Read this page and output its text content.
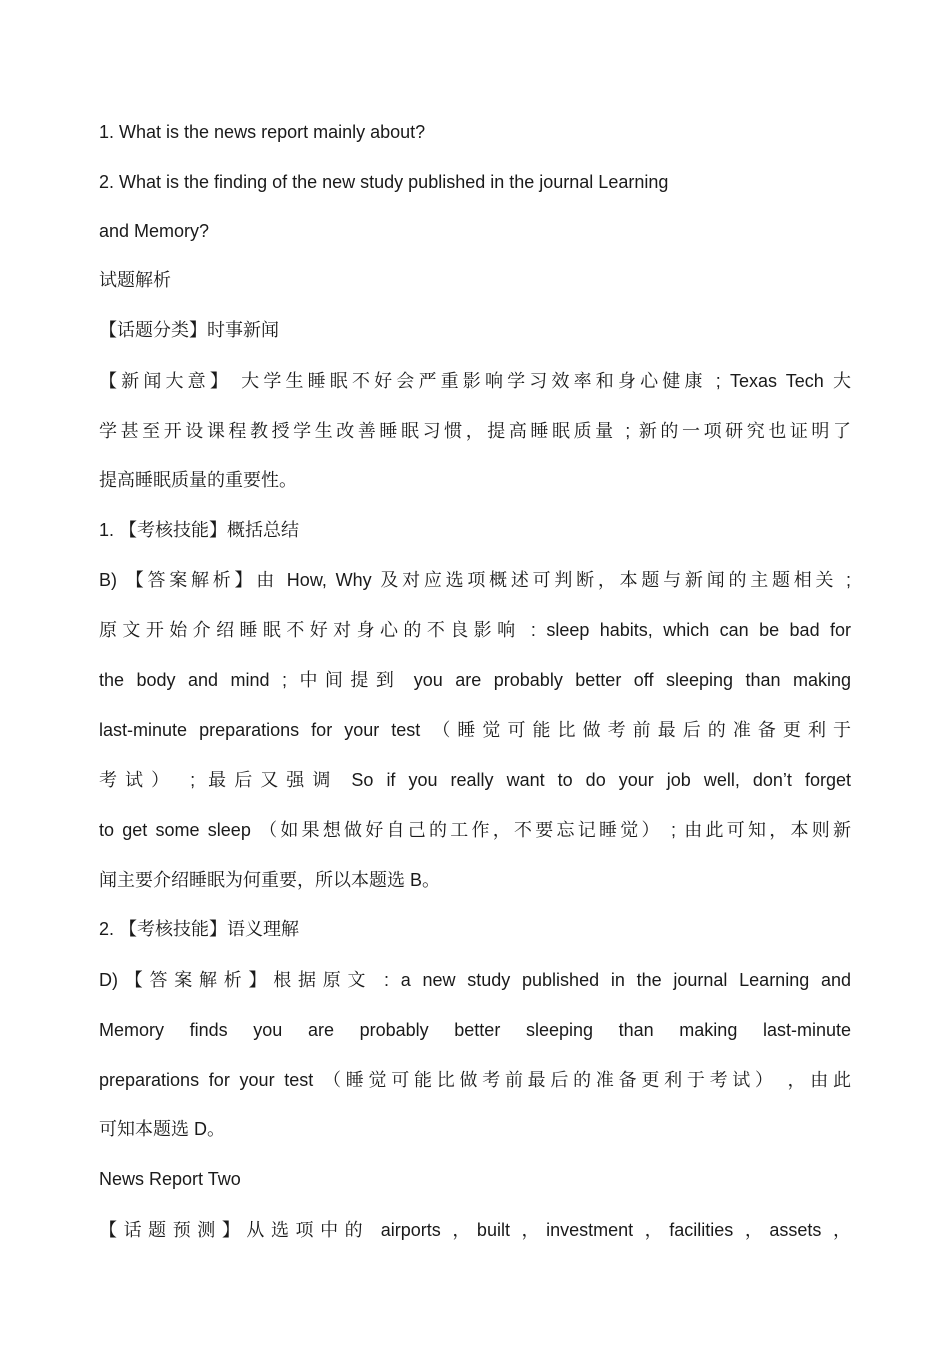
1. What is the news report mainly about?
2. What is the finding of the new study published in the journal Learning
and Memory?
试题解析
【话题分类】时事新闻
【新闻大意】 大学生睡眠不好会严重影响学习效率和身心健康 ; Texas Tech 大
学甚至开设课程教授学生改善睡眠习惯，提高睡眠质量 ; 新的一项研究也证明了
提高睡眠质量的重要性。
1. 【考核技能】概括总结
B) 【答案解析】由 How, Why 及对应选项概述可判断，本题与新闻的主题相关 ;
原文开始介绍睡眠不好对身心的不良影响 : sleep habits, which can be bad for
the body and mind ; 中间提到 you are probably better off sleeping than making
last-minute preparations for your test （睡觉可能比做考前最后的准备更利于
考试） ; 最后又强调 So if you really want to do your job well, don’t forget
to get some sleep （如果想做好自己的工作，不要忘记睡觉） ; 由此可知，本则新
闻主要介绍睡眠为何重要，所以本题选 B。
2. 【考核技能】语义理解
D)【答案解析】根据原文 : a new study published in the journal Learning and
Memory finds you are probably better sleeping than making last-minute
preparations for your test （睡觉可能比做考前最后的准备更利于考试） ，由此
可知本题选 D。
News Report Two
【话题预测】从选项中的 airports ，built ，investment ，facilities ，assets ，
